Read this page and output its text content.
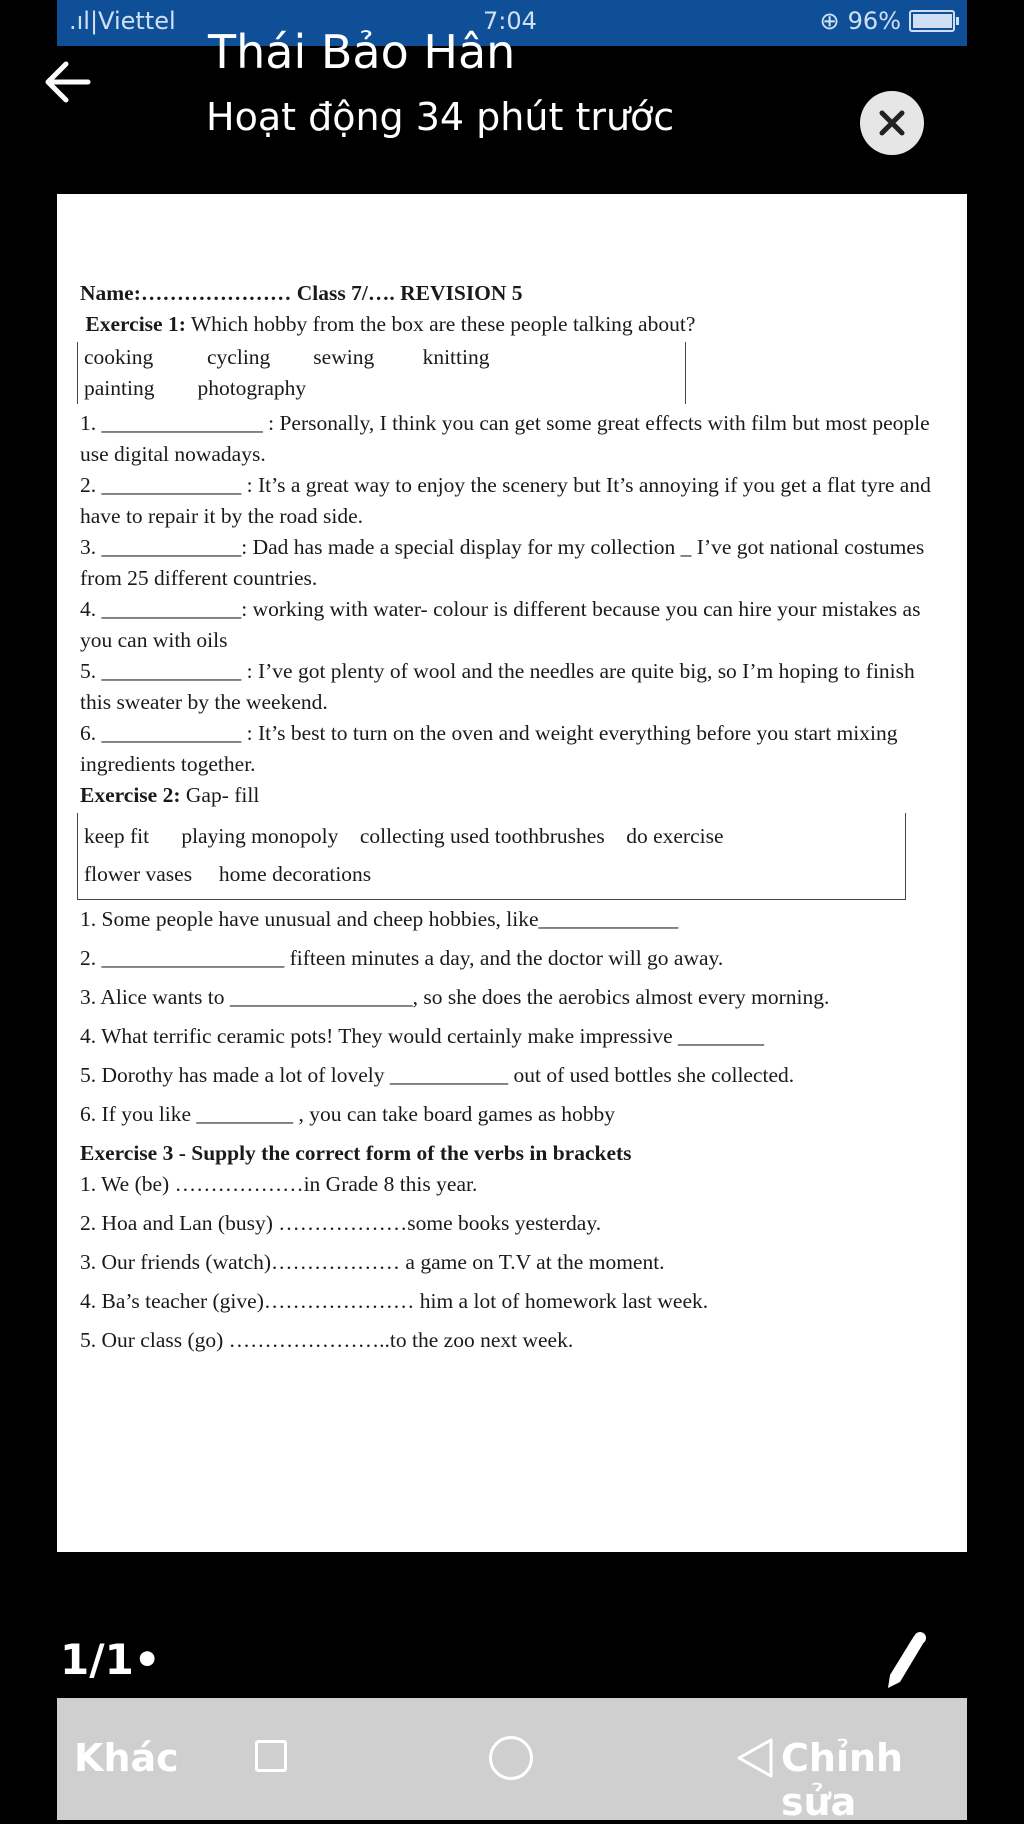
.ıl|Viettel	7:04	⊕ 96%
Thái Bảo Hân
Hoạt động 34 phút trước

Name:………………… Class 7/…. REVISION 5

Exercise 1: Which hobby from the box are these people talking about?

cooking          cycling        sewing         knitting

painting        photography

1. _______________ : Personally, I think you can get some great effects with film but most people use digital nowadays.

2. _____________ : It’s a great way to enjoy the scenery but It’s annoying if you get a flat tyre and have to repair it by the road side.

3. _____________: Dad has made a special display for my collection _ I’ve got national costumes from 25 different countries.

4. _____________: working with water- colour is different because you can hire your mistakes as you can with oils

5. _____________ : I’ve got plenty of wool and the needles are quite big, so I’m hoping to finish this sweater by the weekend.

6. _____________ : It’s best to turn on the oven and weight everything before you start mixing ingredients together.

Exercise 2: Gap- fill

keep fit      playing monopoly    collecting used toothbrushes    do exercise

flower vases     home decorations

1. Some people have unusual and cheep hobbies, like_____________

2. _________________ fifteen minutes a day, and the doctor will go away.

3. Alice wants to _________________, so she does the aerobics almost every morning.

4. What terrific ceramic pots! They would certainly make impressive ________

5. Dorothy has made a lot of lovely ___________ out of used bottles she collected.

6. If you like _________ , you can take board games as hobby

Exercise 3 - Supply the correct form of the verbs in brackets

1. We (be) ………………in Grade 8 this year.

2. Hoa and Lan (busy) ………………some books yesterday.

3. Our friends (watch)……………… a game on T.V at the moment.

4. Ba’s teacher (give)………………… him a lot of homework last week.

5. Our class (go) …………………..to the zoo next week.

1/1•
Khác	Chỉnh sửa
